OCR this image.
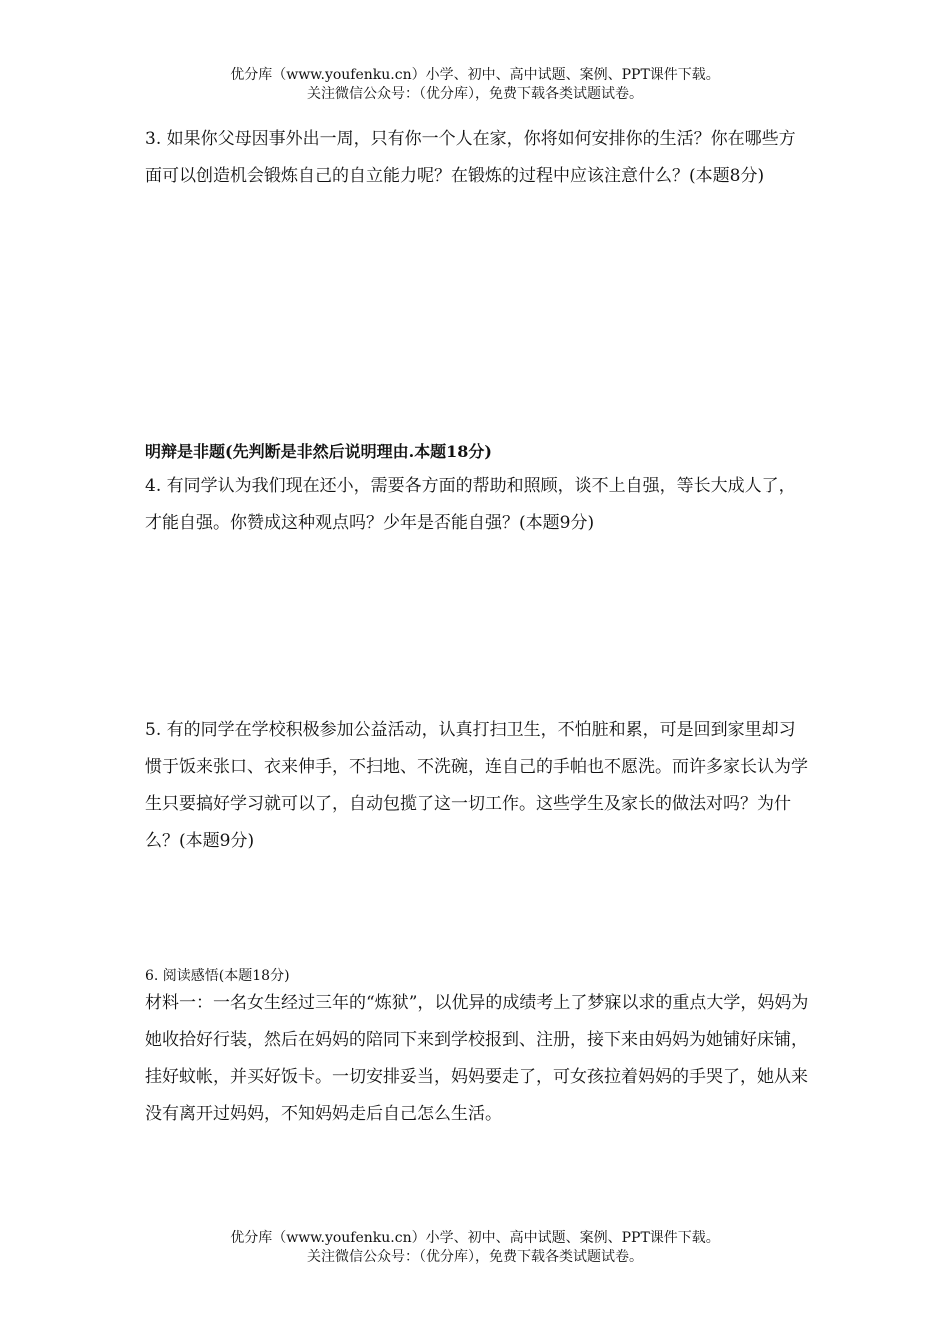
优分库（www.youfenku.cn）小学、初中、高中试题、案例、PPT课件下载。
关注微信公众号：（优分库），免费下载各类试题试卷。

3. 如果你父母因事外出一周，只有你一个人在家，你将如何安排你的生活？你在哪些方面可以创造机会锻炼自己的自立能力呢？在锻炼的过程中应该注意什么？(本题8分)

明辩是非题(先判断是非然后说明理由.本题18分)

4. 有同学认为我们现在还小，需要各方面的帮助和照顾，谈不上自强，等长大成人了，才能自强。你赞成这种观点吗？少年是否能自强？(本题9分)

5. 有的同学在学校积极参加公益活动，认真打扫卫生，不怕脏和累，可是回到家里却习惯于饭来张口、衣来伸手，不扫地、不洗碗，连自己的手帕也不愿洗。而许多家长认为学生只要搞好学习就可以了，自动包揽了这一切工作。这些学生及家长的做法对吗？为什么？(本题9分)

6. 阅读感悟(本题18分)

材料一：一名女生经过三年的“炼狱”，以优异的成绩考上了梦寐以求的重点大学，妈妈为她收拾好行装，然后在妈妈的陪同下来到学校报到、注册，接下来由妈妈为她铺好床铺，挂好蚊帐，并买好饭卡。一切安排妥当，妈妈要走了，可女孩拉着妈妈的手哭了，她从来没有离开过妈妈，不知妈妈走后自己怎么生活。

优分库（www.youfenku.cn）小学、初中、高中试题、案例、PPT课件下载。
关注微信公众号：（优分库），免费下载各类试题试卷。
